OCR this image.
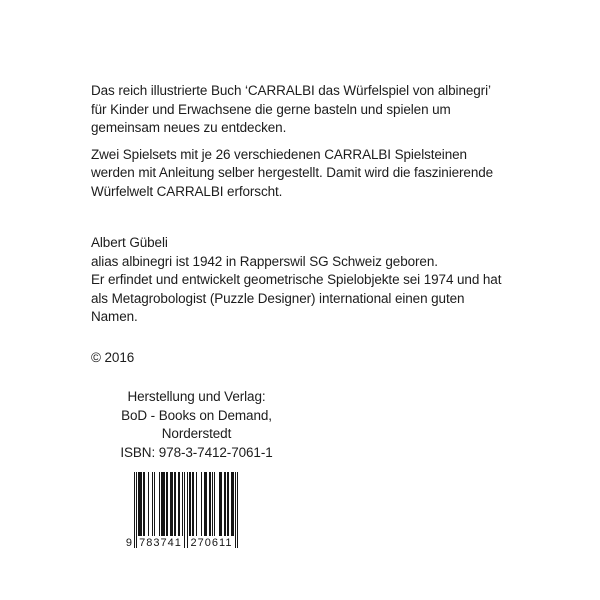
Das reich illustrierte Buch ‘CARRALBI das Würfelspiel von albinegri’
für Kinder und Erwachsene die gerne basteln und spielen um
gemeinsam neues zu entdecken.
Zwei Spielsets mit je 26 verschiedenen CARRALBI Spielsteinen
werden mit Anleitung selber hergestellt. Damit wird die faszinierende
Würfelwelt CARRALBI erforscht.
Albert Gübeli
alias albinegri ist 1942 in Rapperswil SG Schweiz geboren.
Er erfindet und entwickelt geometrische Spielobjekte sei 1974 und hat
als Metagrobologist (Puzzle Designer) international einen guten
Namen.
© 2016
Herstellung und Verlag:
BoD - Books on Demand, Norderstedt
ISBN: 978-3-7412-7061-1
9 783741 270611
